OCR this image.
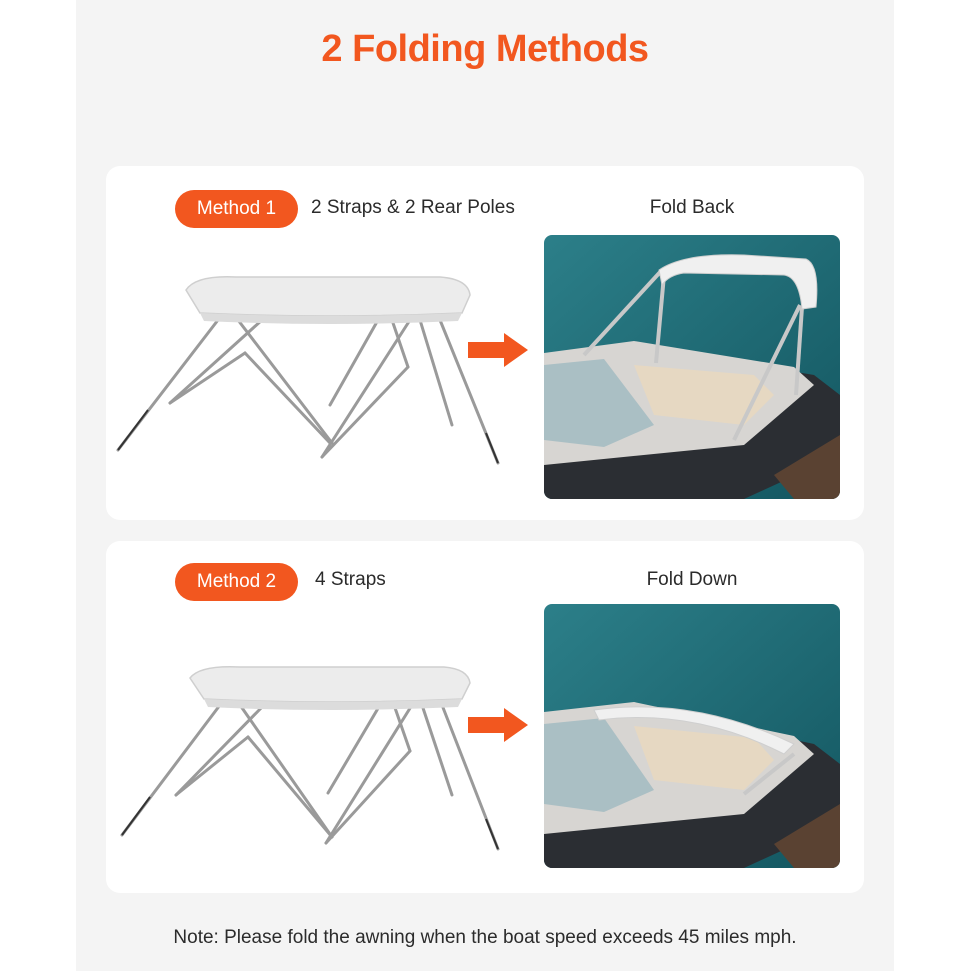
2 Folding Methods
Method 1	2 Straps & 2 Rear Poles	Fold Back
Method 2	4 Straps	Fold Down
Note: Please fold the awning when the boat speed exceeds 45 miles mph.
